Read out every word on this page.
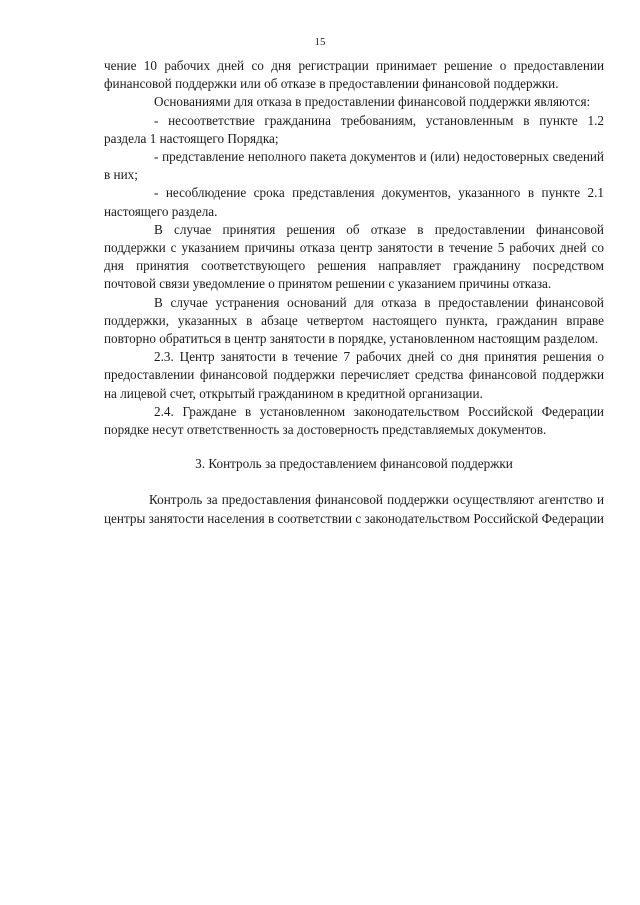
15

чение 10 рабочих дней со дня регистрации принимает решение о предоставлении финансовой поддержки или об отказе в предоставлении финансовой поддержки.

Основаниями для отказа в предоставлении финансовой поддержки являются:

- несоответствие гражданина требованиям, установленным в пункте 1.2 раздела 1 настоящего Порядка;

- представление неполного пакета документов и (или) недостоверных сведений в них;

- несоблюдение срока представления документов, указанного в пункте 2.1 настоящего раздела.

В случае принятия решения об отказе в предоставлении финансовой поддержки с указанием причины отказа центр занятости в течение 5 рабочих дней со дня принятия соответствующего решения направляет гражданину посредством почтовой связи уведомление о принятом решении с указанием причины отказа.

В случае устранения оснований для отказа в предоставлении финансовой поддержки, указанных в абзаце четвертом настоящего пункта, гражданин вправе повторно обратиться в центр занятости в порядке, установленном настоящим разделом.

2.3. Центр занятости в течение 7 рабочих дней со дня принятия решения о предоставлении финансовой поддержки перечисляет средства финансовой поддержки на лицевой счет, открытый гражданином в кредитной организации.

2.4. Граждане в установленном законодательством Российской Федерации порядке несут ответственность за достоверность представляемых документов.

3. Контроль за предоставлением финансовой поддержки

Контроль за предоставления финансовой поддержки осуществляют агентство и центры занятости населения в соответствии с законодательством Российской Федерации
